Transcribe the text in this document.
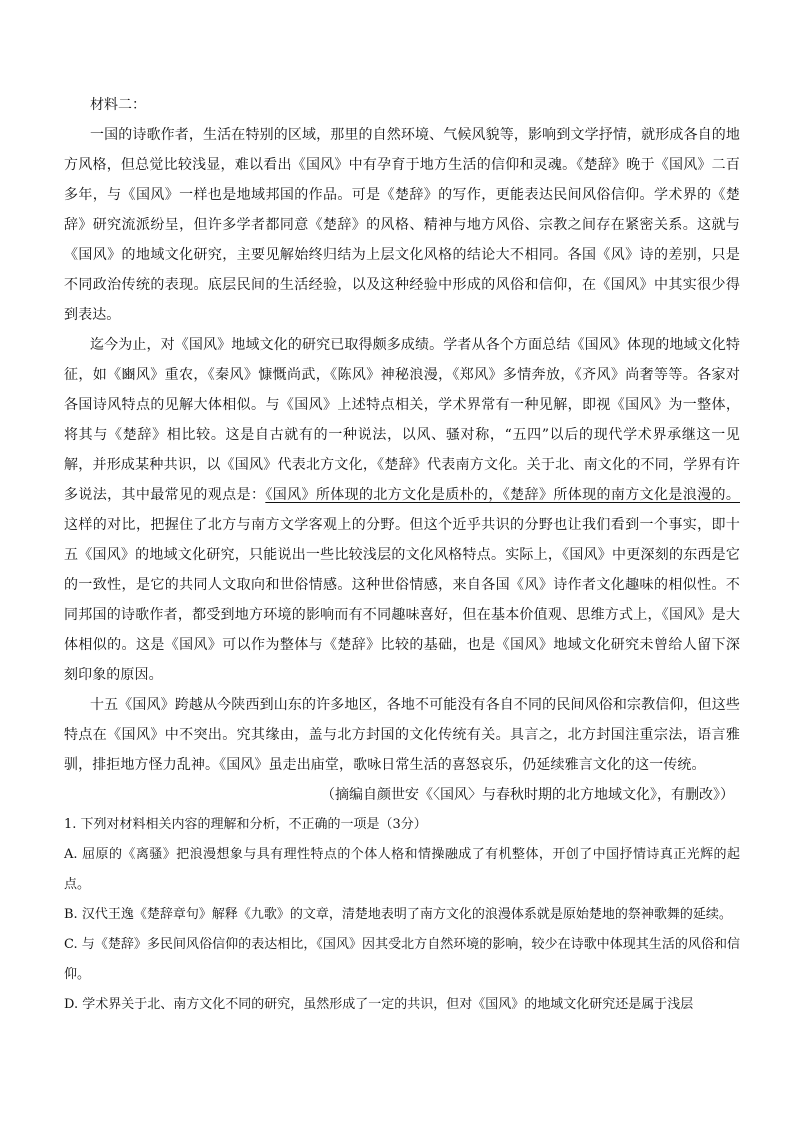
材料二：

一国的诗歌作者，生活在特别的区域，那里的自然环境、气候风貌等，影响到文学抒情，就形成各自的地方风格，但总觉比较浅显，难以看出《国风》中有孕育于地方生活的信仰和灵魂。《楚辞》晚于《国风》二百多年，与《国风》一样也是地域邦国的作品。可是《楚辞》的写作，更能表达民间风俗信仰。学术界的《楚辞》研究流派纷呈，但许多学者都同意《楚辞》的风格、精神与地方风俗、宗教之间存在紧密关系。这就与《国风》的地域文化研究，主要见解始终归结为上层文化风格的结论大不相同。各国《风》诗的差别，只是不同政治传统的表现。底层民间的生活经验，以及这种经验中形成的风俗和信仰，在《国风》中其实很少得到表达。

迄今为止，对《国风》地域文化的研究已取得颇多成绩。学者从各个方面总结《国风》体现的地域文化特征，如《豳风》重农，《秦风》慷慨尚武，《陈风》神秘浪漫，《郑风》多情奔放，《齐风》尚奢等等。各家对各国诗风特点的见解大体相似。与《国风》上述特点相关，学术界常有一种见解，即视《国风》为一整体，将其与《楚辞》相比较。这是自古就有的一种说法，以风、骚对称，“五四”以后的现代学术界承继这一见解，并形成某种共识，以《国风》代表北方文化，《楚辞》代表南方文化。关于北、南文化的不同，学界有许多说法，其中最常见的观点是：《国风》所体现的北方文化是质朴的，《楚辞》所体现的南方文化是浪漫的。这样的对比，把握住了北方与南方文学客观上的分野。但这个近乎共识的分野也让我们看到一个事实，即十五《国风》的地域文化研究，只能说出一些比较浅层的文化风格特点。实际上，《国风》中更深刻的东西是它的一致性，是它的共同人文取向和世俗情感。这种世俗情感，来自各国《风》诗作者文化趣味的相似性。不同邦国的诗歌作者，都受到地方环境的影响而有不同趣味喜好，但在基本价值观、思维方式上，《国风》是大体相似的。这是《国风》可以作为整体与《楚辞》比较的基础，也是《国风》地域文化研究未曾给人留下深刻印象的原因。

十五《国风》跨越从今陕西到山东的许多地区，各地不可能没有各自不同的民间风俗和宗教信仰，但这些特点在《国风》中不突出。究其缘由，盖与北方封国的文化传统有关。具言之，北方封国注重宗法，语言雅驯，排拒地方怪力乱神。《国风》虽走出庙堂，歌咏日常生活的喜怒哀乐，仍延续雅言文化的这一传统。

（摘编自颜世安《〈国风〉与春秋时期的北方地域文化》，有删改》）

1. 下列对材料相关内容的理解和分析，不正确的一项是（3分）

A. 屈原的《离骚》把浪漫想象与具有理性特点的个体人格和情操融成了有机整体，开创了中国抒情诗真正光辉的起点。

B. 汉代王逸《楚辞章句》解释《九歌》的文章，清楚地表明了南方文化的浪漫体系就是原始楚地的祭神歌舞的延续。

C. 与《楚辞》多民间风俗信仰的表达相比，《国风》因其受北方自然环境的影响，较少在诗歌中体现其生活的风俗和信仰。

D. 学术界关于北、南方文化不同的研究，虽然形成了一定的共识，但对《国风》的地域文化研究还是属于浅层
